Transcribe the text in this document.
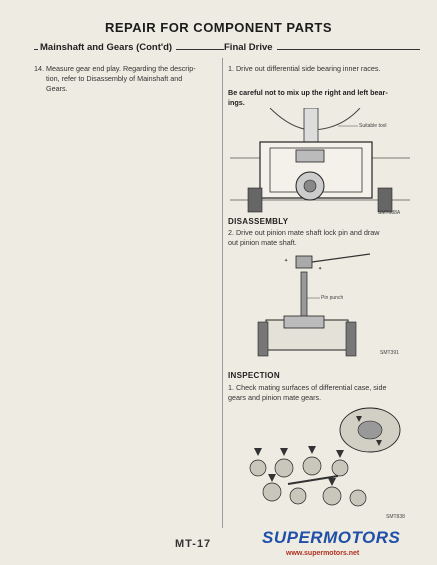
REPAIR FOR COMPONENT PARTS
Mainshaft and Gears (Cont'd)	Final Drive
14. Measure gear end play. Regarding the descrip-
tion, refer to Disassembly of Mainshaft and
Gears.
1. Drive out differential side bearing inner races.
Be careful not to mix up the right and left bear-
ings.
Suitable tool
SMT088A
DISASSEMBLY
2. Drive out pinion mate shaft lock pin and draw
out pinion mate shaft.
✦
✦
Pin punch
SMT391
INSPECTION
1. Check mating surfaces of differential case, side
gears and pinion mate gears.
SMT838
MT-17	SUPERMOTORS
www.supermotors.net
